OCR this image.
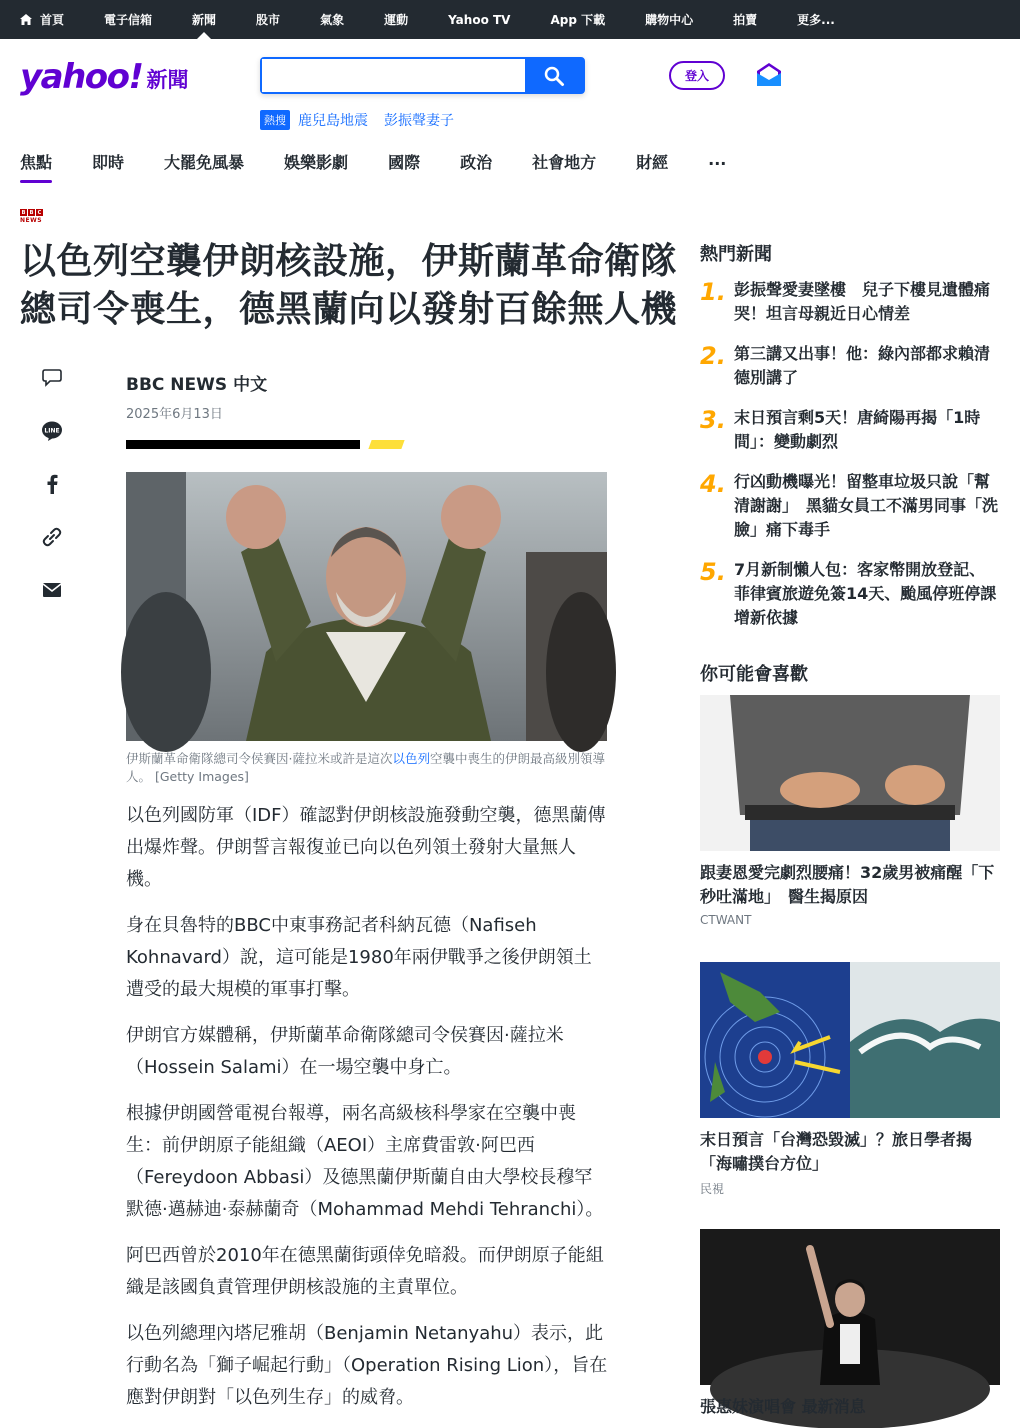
首頁	電子信箱	新聞	股市	氣象	運動	Yahoo TV	App 下載	購物中心	拍賣	更多...
yahoo! 新聞
熱搜 鹿兒島地震 彭振聲妻子
登入
焦點	即時	大罷免風暴	娛樂影劇	國際	政治	社會地方	財經	...
B B C
NEWS
以色列空襲伊朗核設施，伊斯蘭革命衛隊總司令喪生，德黑蘭向以發射百餘無人機
LINE
BBC NEWS 中文
2025年6月13日
伊斯蘭革命衛隊總司令侯賽因·薩拉米或許是這次以色列空襲中喪生的伊朗最高級別領導人。 [Getty Images]

以色列國防軍（IDF）確認對伊朗核設施發動空襲，德黑蘭傳出爆炸聲。伊朗誓言報復並已向以色列領土發射大量無人機。

身在貝魯特的BBC中東事務記者科納瓦德（Nafiseh Kohnavard）說，這可能是1980年兩伊戰爭之後伊朗領土遭受的最大規模的軍事打擊。

伊朗官方媒體稱，伊斯蘭革命衛隊總司令侯賽因·薩拉米（Hossein Salami）在一場空襲中身亡。

根據伊朗國營電視台報導，兩名高級核科學家在空襲中喪生：前伊朗原子能組織（AEOI）主席費雷敦·阿巴西（Fereydoon Abbasi）及德黑蘭伊斯蘭自由大學校長穆罕默德·邁赫迪·泰赫蘭奇（Mohammad Mehdi Tehranchi）。

阿巴西曾於2010年在德黑蘭街頭倖免暗殺。而伊朗原子能組織是該國負責管理伊朗核設施的主責單位。

以色列總理內塔尼雅胡（Benjamin Netanyahu）表示，此行動名為「獅子崛起行動」（Operation Rising Lion），旨在應對伊朗對「以色列生存」的威脅。

熱門新聞
1. 彭振聲愛妻墜樓　兒子下樓見遺體痛哭！坦言母親近日心情差
2. 第三講又出事！他：綠內部都求賴清德別講了
3. 末日預言剩5天！唐綺陽再揭「1時間」：變動劇烈
4. 行凶動機曝光！留整車垃圾只說「幫清謝謝」　黑貓女員工不滿男同事「洗臉」痛下毒手
5. 7月新制懶人包：客家幣開放登記、菲律賓旅遊免簽14天、颱風停班停課增新依據
你可能會喜歡
跟妻恩愛完劇烈腰痛！32歲男被痛醒「下秒吐滿地」　醫生揭原因
CTWANT
末日預言「台灣恐毀滅」？旅日學者揭「海嘯撲台方位」
民視
張惠妹演唱會 最新消息
